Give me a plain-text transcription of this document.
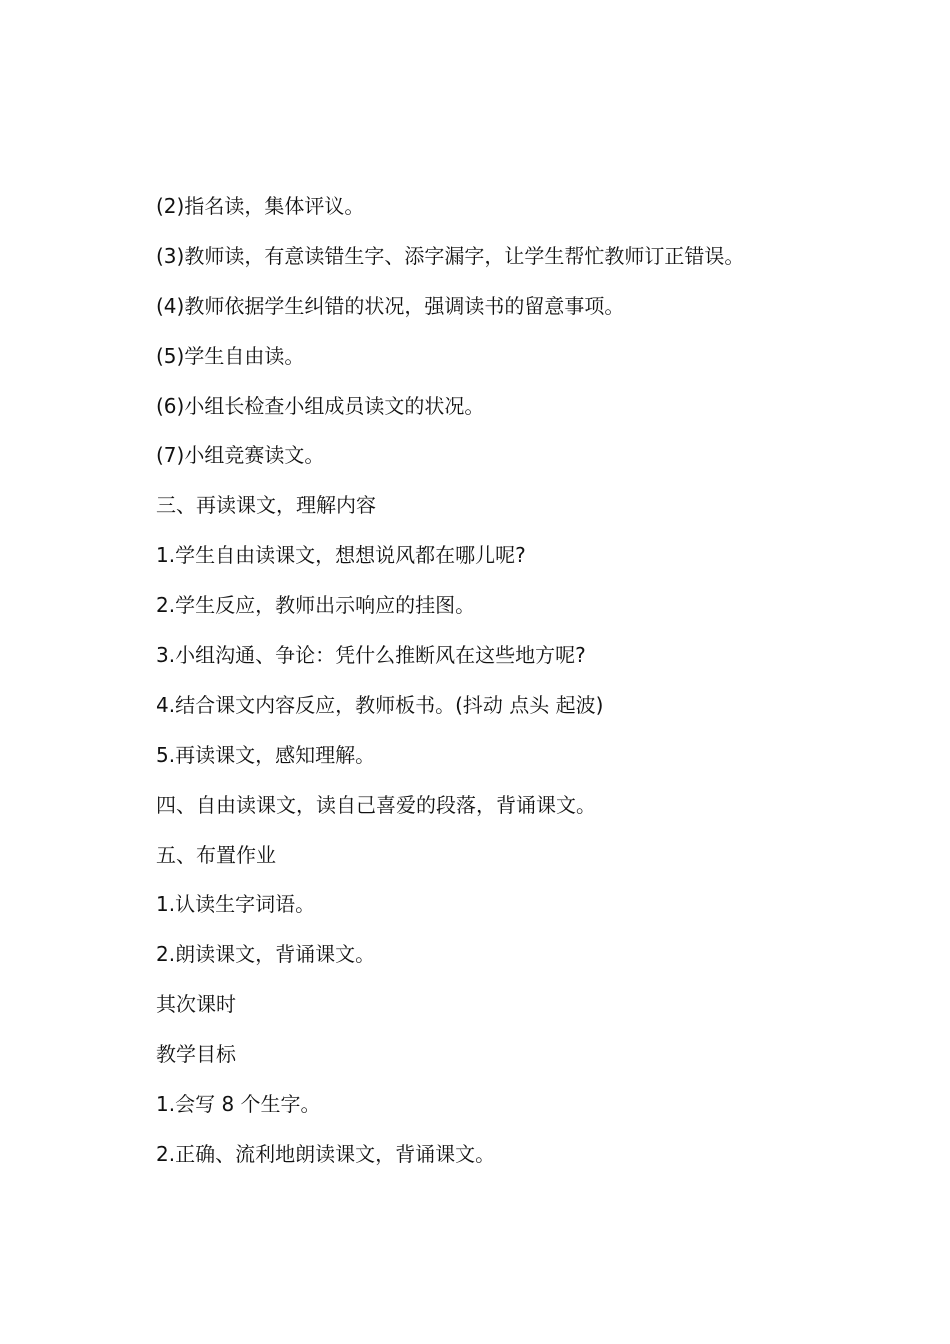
(2)指名读，集体评议。

(3)教师读，有意读错生字、添字漏字，让学生帮忙教师订正错误。

(4)教师依据学生纠错的状况，强调读书的留意事项。

(5)学生自由读。

(6)小组长检查小组成员读文的状况。

(7)小组竞赛读文。

三、再读课文，理解内容

1.学生自由读课文，想想说风都在哪儿呢?

2.学生反应，教师出示响应的挂图。

3.小组沟通、争论：凭什么推断风在这些地方呢?

4.结合课文内容反应，教师板书。(抖动 点头 起波)

5.再读课文，感知理解。

四、自由读课文，读自己喜爱的段落，背诵课文。

五、布置作业

1.认读生字词语。

2.朗读课文，背诵课文。

其次课时

教学目标

1.会写 8 个生字。

2.正确、流利地朗读课文，背诵课文。
